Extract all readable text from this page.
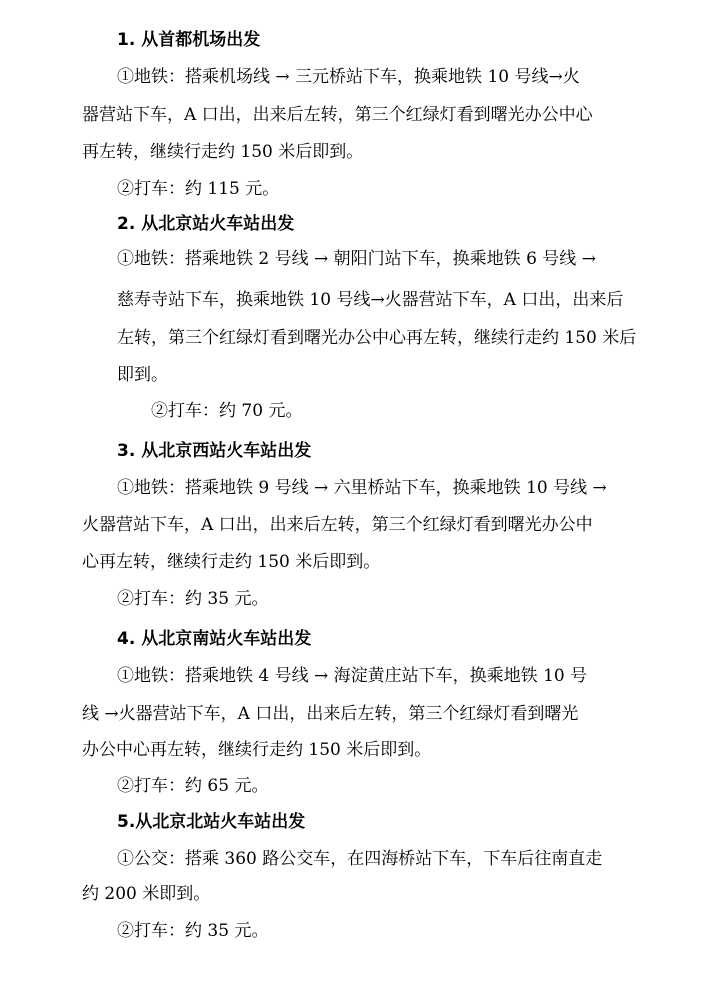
1. 从首都机场出发
①地铁：搭乘机场线 → 三元桥站下车，换乘地铁 10 号线→火
器营站下车，A 口出，出来后左转，第三个红绿灯看到曙光办公中心
再左转，继续行走约 150 米后即到。
②打车：约 115 元。
2. 从北京站火车站出发
①地铁：搭乘地铁 2 号线 → 朝阳门站下车，换乘地铁 6 号线 →
慈寿寺站下车，换乘地铁 10 号线→火器营站下车，A 口出，出来后
左转，第三个红绿灯看到曙光办公中心再左转，继续行走约 150 米后
即到。
②打车：约 70 元。
3. 从北京西站火车站出发
①地铁：搭乘地铁 9 号线 → 六里桥站下车，换乘地铁 10 号线 →
火器营站下车，A 口出，出来后左转，第三个红绿灯看到曙光办公中
心再左转，继续行走约 150 米后即到。
②打车：约 35 元。
4. 从北京南站火车站出发
①地铁：搭乘地铁 4 号线 → 海淀黄庄站下车，换乘地铁 10 号
线 →火器营站下车，A 口出，出来后左转，第三个红绿灯看到曙光
办公中心再左转，继续行走约 150 米后即到。
②打车：约 65 元。
5.从北京北站火车站出发
①公交：搭乘 360 路公交车，在四海桥站下车，下车后往南直走
约 200 米即到。
②打车：约 35 元。
